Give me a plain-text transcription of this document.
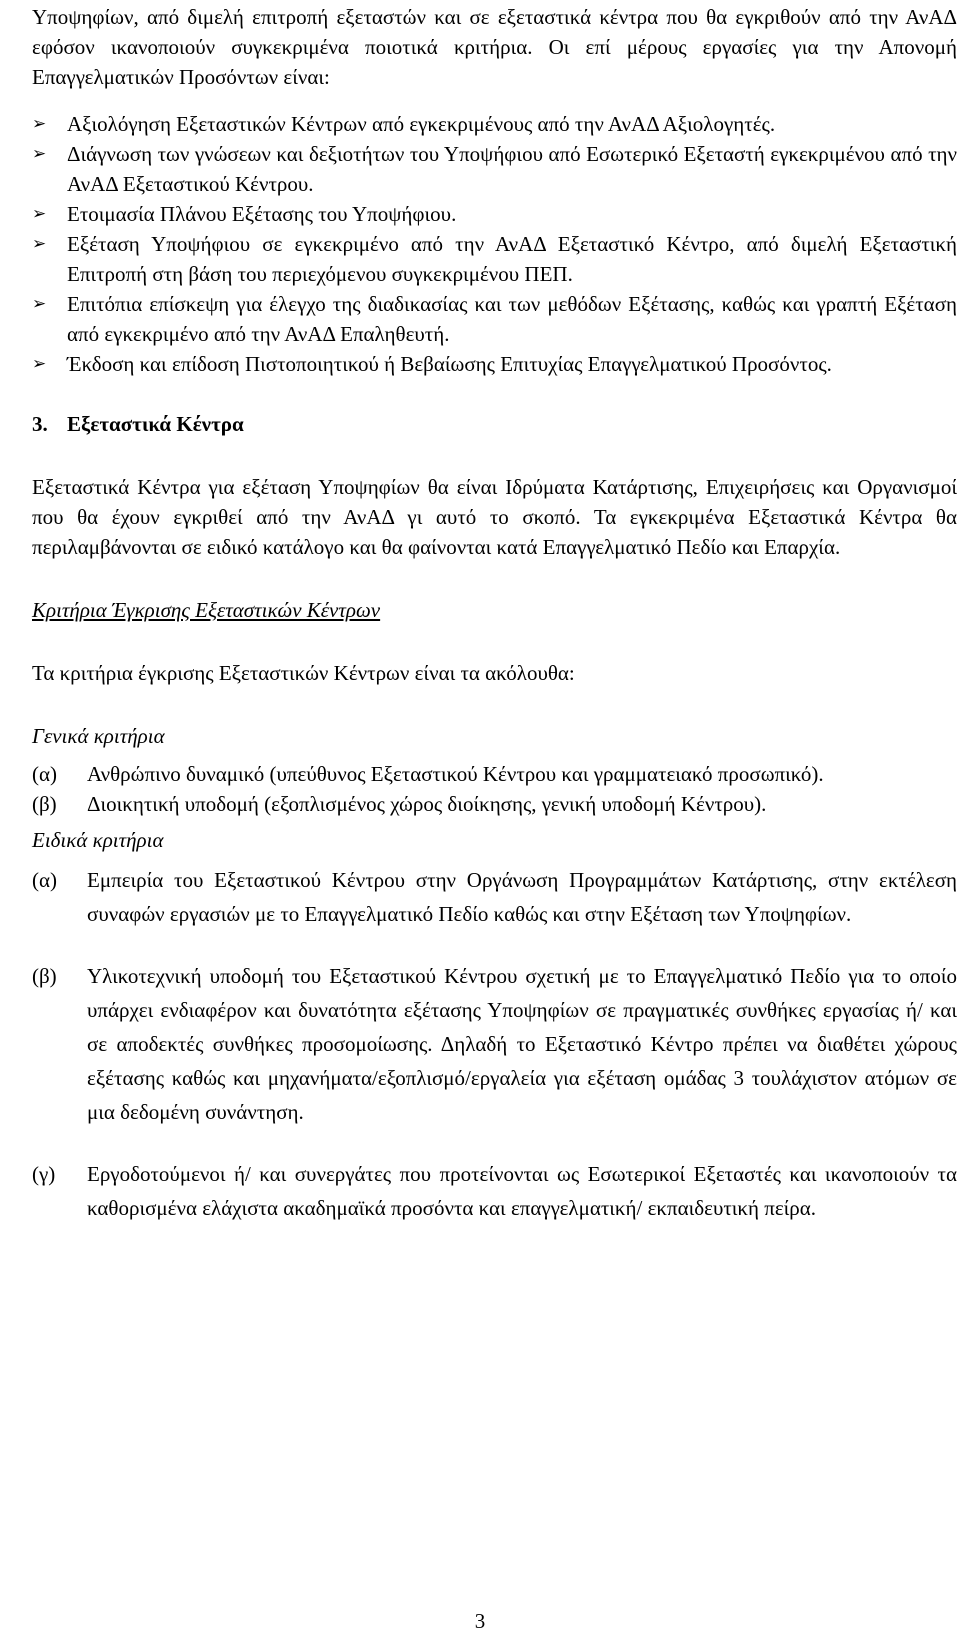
Υποψηφίων, από διμελή επιτροπή εξεταστών και σε εξεταστικά κέντρα που θα εγκριθούν από την ΑνΑΔ εφόσον ικανοποιούν συγκεκριμένα ποιοτικά κριτήρια. Οι επί μέρους εργασίες για την Απονομή Επαγγελματικών Προσόντων είναι:

➢ Αξιολόγηση Εξεταστικών Κέντρων από εγκεκριμένους από την ΑνΑΔ Αξιολογητές.
➢ Διάγνωση των γνώσεων και δεξιοτήτων του Υποψήφιου από Εσωτερικό Εξεταστή εγκεκριμένου από την ΑνΑΔ Εξεταστικού Κέντρου.
➢ Ετοιμασία Πλάνου Εξέτασης του Υποψήφιου.
➢ Εξέταση Υποψήφιου σε εγκεκριμένο από την ΑνΑΔ Εξεταστικό Κέντρο, από διμελή Εξεταστική Επιτροπή στη βάση του περιεχόμενου συγκεκριμένου ΠΕΠ.
➢ Επιτόπια επίσκεψη για έλεγχο της διαδικασίας και των μεθόδων Εξέτασης, καθώς και γραπτή Εξέταση από εγκεκριμένο από την ΑνΑΔ Επαληθευτή.
➢ Έκδοση και επίδοση Πιστοποιητικού ή Βεβαίωσης Επιτυχίας Επαγγελματικού Προσόντος.
3. Εξεταστικά Κέντρα

Εξεταστικά Κέντρα για εξέταση Υποψηφίων θα είναι Ιδρύματα Κατάρτισης, Επιχειρήσεις και Οργανισμοί που θα έχουν εγκριθεί από την ΑνΑΔ γι αυτό το σκοπό. Τα εγκεκριμένα Εξεταστικά Κέντρα θα περιλαμβάνονται σε ειδικό κατάλογο και θα φαίνονται κατά Επαγγελματικό Πεδίο και Επαρχία.

Κριτήρια Έγκρισης Εξεταστικών Κέντρων

Τα κριτήρια έγκρισης Εξεταστικών Κέντρων είναι τα ακόλουθα:

Γενικά κριτήρια

(α) Ανθρώπινο δυναμικό (υπεύθυνος Εξεταστικού Κέντρου και γραμματειακό προσωπικό).
(β) Διοικητική υποδομή (εξοπλισμένος χώρος διοίκησης, γενική υποδομή Κέντρου).

Ειδικά κριτήρια

(α) Εμπειρία του Εξεταστικού Κέντρου στην Οργάνωση Προγραμμάτων Κατάρτισης, στην εκτέλεση συναφών εργασιών με το Επαγγελματικό Πεδίο καθώς και στην Εξέταση των Υποψηφίων.
(β) Υλικοτεχνική υποδομή του Εξεταστικού Κέντρου σχετική με το Επαγγελματικό Πεδίο για το οποίο υπάρχει ενδιαφέρον και δυνατότητα εξέτασης Υποψηφίων σε πραγματικές συνθήκες εργασίας ή/ και σε αποδεκτές συνθήκες προσομοίωσης. Δηλαδή το Εξεταστικό Κέντρο πρέπει να διαθέτει χώρους εξέτασης καθώς και μηχανήματα/εξοπλισμό/εργαλεία για εξέταση ομάδας 3 τουλάχιστον ατόμων σε μια δεδομένη συνάντηση.
(γ) Εργοδοτούμενοι ή/ και συνεργάτες που προτείνονται ως Εσωτερικοί Εξεταστές και ικανοποιούν τα καθορισμένα ελάχιστα ακαδημαϊκά προσόντα και επαγγελματική/ εκπαιδευτική πείρα.
3
